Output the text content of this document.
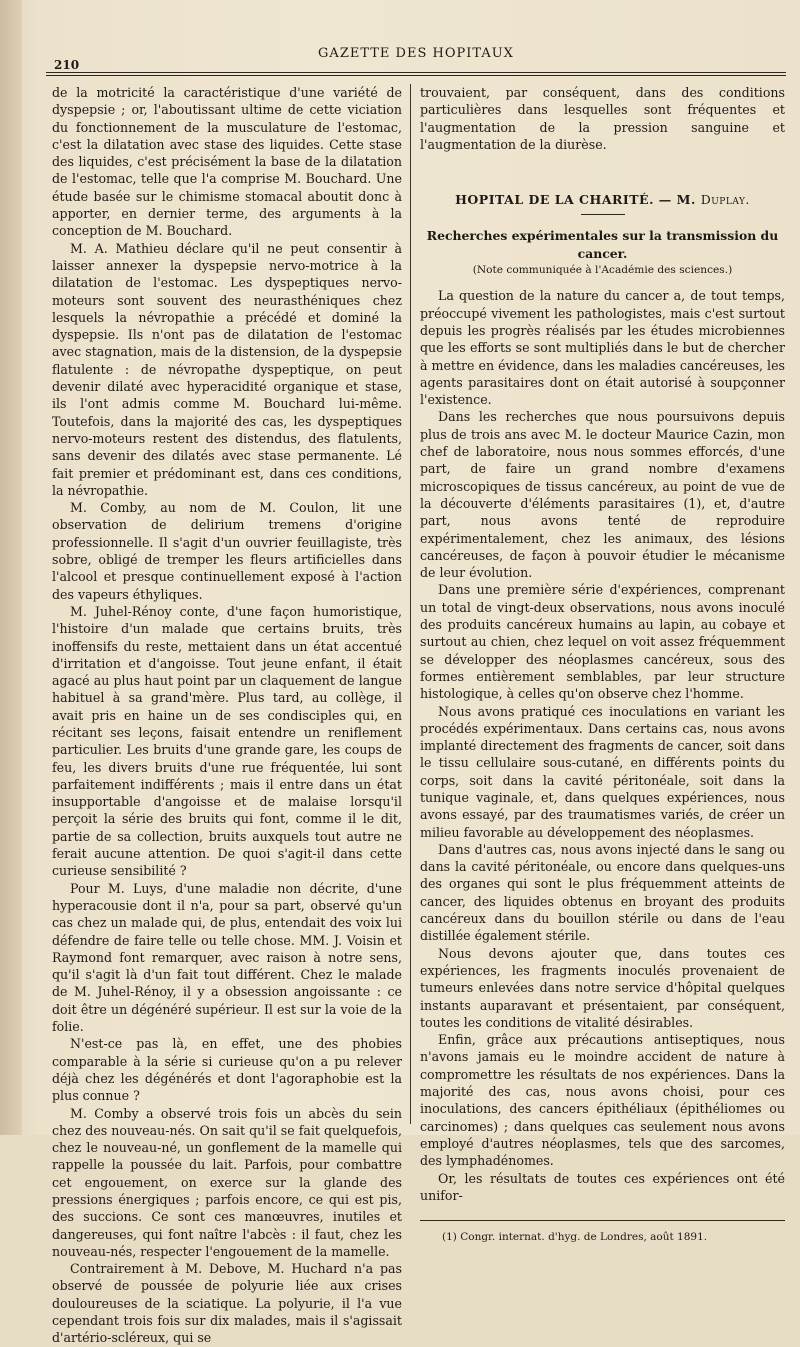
210
GAZETTE DES HOPITAUX

de la motricité la caractéristique d'une variété de dyspepsie ; or, l'aboutissant ultime de cette viciation du fonctionnement de la musculature de l'estomac, c'est la dilatation avec stase des liquides. Cette stase des liquides, c'est précisément la base de la dilatation de l'estomac, telle que l'a comprise M. Bouchard. Une étude basée sur le chimisme stomacal aboutit donc à apporter, en dernier terme, des arguments à la conception de M. Bouchard.

M. A. Mathieu déclare qu'il ne peut consentir à laisser annexer la dyspepsie nervo-motrice à la dilatation de l'estomac. Les dyspeptiques nervo-moteurs sont souvent des neurasthéniques chez lesquels la névropathie a précédé et dominé la dyspepsie. Ils n'ont pas de dilatation de l'estomac avec stagnation, mais de la distension, de la dyspepsie flatulente : de névropathe dyspeptique, on peut devenir dilaté avec hyperacidité organique et stase, ils l'ont admis comme M. Bouchard lui-même. Toutefois, dans la majorité des cas, les dyspeptiques nervo-moteurs restent des distendus, des flatulents, sans devenir des dilatés avec stase permanente. Lé fait premier et prédominant est, dans ces conditions, la névropathie.

M. Comby, au nom de M. Coulon, lit une observation de delirium tremens d'origine professionnelle. Il s'agit d'un ouvrier feuillagiste, très sobre, obligé de tremper les fleurs artificielles dans l'alcool et presque continuellement exposé à l'action des vapeurs éthyliques.

M. Juhel-Rénoy conte, d'une façon humoristique, l'histoire d'un malade que certains bruits, très inoffensifs du reste, mettaient dans un état accentué d'irritation et d'angoisse. Tout jeune enfant, il était agacé au plus haut point par un claquement de langue habituel à sa grand'mère. Plus tard, au collège, il avait pris en haine un de ses condisciples qui, en récitant ses leçons, faisait entendre un reniflement particulier. Les bruits d'une grande gare, les coups de feu, les divers bruits d'une rue fréquentée, lui sont parfaitement indifférents ; mais il entre dans un état insupportable d'angoisse et de malaise lorsqu'il perçoit la série des bruits qui font, comme il le dit, partie de sa collection, bruits auxquels tout autre ne ferait aucune attention. De quoi s'agit-il dans cette curieuse sensibilité ?

Pour M. Luys, d'une maladie non décrite, d'une hyperacousie dont il n'a, pour sa part, observé qu'un cas chez un malade qui, de plus, entendait des voix lui défendre de faire telle ou telle chose. MM. J. Voisin et Raymond font remarquer, avec raison à notre sens, qu'il s'agit là d'un fait tout différent. Chez le malade de M. Juhel-Rénoy, il y a obsession angoissante : ce doit être un dégénéré supérieur. Il est sur la voie de la folie.

N'est-ce pas là, en effet, une des phobies comparable à la série si curieuse qu'on a pu relever déjà chez les dégénérés et dont l'agoraphobie est la plus connue ?

M. Comby a observé trois fois un abcès du sein chez des nouveau-nés. On sait qu'il se fait quelquefois, chez le nouveau-né, un gonflement de la mamelle qui rappelle la poussée du lait. Parfois, pour combattre cet engouement, on exerce sur la glande des pressions énergiques ; parfois encore, ce qui est pis, des succions. Ce sont ces manœuvres, inutiles et dangereuses, qui font naître l'abcès : il faut, chez les nouveau-nés, respecter l'engouement de la mamelle.

Contrairement à M. Debove, M. Huchard n'a pas observé de poussée de polyurie liée aux crises douloureuses de la sciatique. La polyurie, il l'a vue cependant trois fois sur dix malades, mais il s'agissait d'artério-scléreux, qui se

trouvaient, par conséquent, dans des conditions particulières dans lesquelles sont fréquentes et l'augmentation de la pression sanguine et l'augmentation de la diurèse.

HOPITAL DE LA CHARITÉ. — M. Duplay.
Recherches expérimentales sur la transmission du cancer.
(Note communiquée à l'Académie des sciences.)

La question de la nature du cancer a, de tout temps, préoccupé vivement les pathologistes, mais c'est surtout depuis les progrès réalisés par les études microbiennes que les efforts se sont multipliés dans le but de chercher à mettre en évidence, dans les maladies cancéreuses, les agents parasitaires dont on était autorisé à soupçonner l'existence.

Dans les recherches que nous poursuivons depuis plus de trois ans avec M. le docteur Maurice Cazin, mon chef de laboratoire, nous nous sommes efforcés, d'une part, de faire un grand nombre d'examens microscopiques de tissus cancéreux, au point de vue de la découverte d'éléments parasitaires (1), et, d'autre part, nous avons tenté de reproduire expérimentalement, chez les animaux, des lésions cancéreuses, de façon à pouvoir étudier le mécanisme de leur évolution.

Dans une première série d'expériences, comprenant un total de vingt-deux observations, nous avons inoculé des produits cancéreux humains au lapin, au cobaye et surtout au chien, chez lequel on voit assez fréquemment se développer des néoplasmes cancéreux, sous des formes entièrement semblables, par leur structure histologique, à celles qu'on observe chez l'homme.

Nous avons pratiqué ces inoculations en variant les procédés expérimentaux. Dans certains cas, nous avons implanté directement des fragments de cancer, soit dans le tissu cellulaire sous-cutané, en différents points du corps, soit dans la cavité péritonéale, soit dans la tunique vaginale, et, dans quelques expériences, nous avons essayé, par des traumatismes variés, de créer un milieu favorable au développement des néoplasmes.

Dans d'autres cas, nous avons injecté dans le sang ou dans la cavité péritonéale, ou encore dans quelques-uns des organes qui sont le plus fréquemment atteints de cancer, des liquides obtenus en broyant des produits cancéreux dans du bouillon stérile ou dans de l'eau distillée également stérile.

Nous devons ajouter que, dans toutes ces expériences, les fragments inoculés provenaient de tumeurs enlevées dans notre service d'hôpital quelques instants auparavant et présentaient, par conséquent, toutes les conditions de vitalité désirables.

Enfin, grâce aux précautions antiseptiques, nous n'avons jamais eu le moindre accident de nature à compromettre les résultats de nos expériences. Dans la majorité des cas, nous avons choisi, pour ces inoculations, des cancers épithéliaux (épithéliomes ou carcinomes) ; dans quelques cas seulement nous avons employé d'autres néoplasmes, tels que des sarcomes, des lymphadénomes.

Or, les résultats de toutes ces expériences ont été unifor-

(1) Congr. internat. d'hyg. de Londres, août 1891.
